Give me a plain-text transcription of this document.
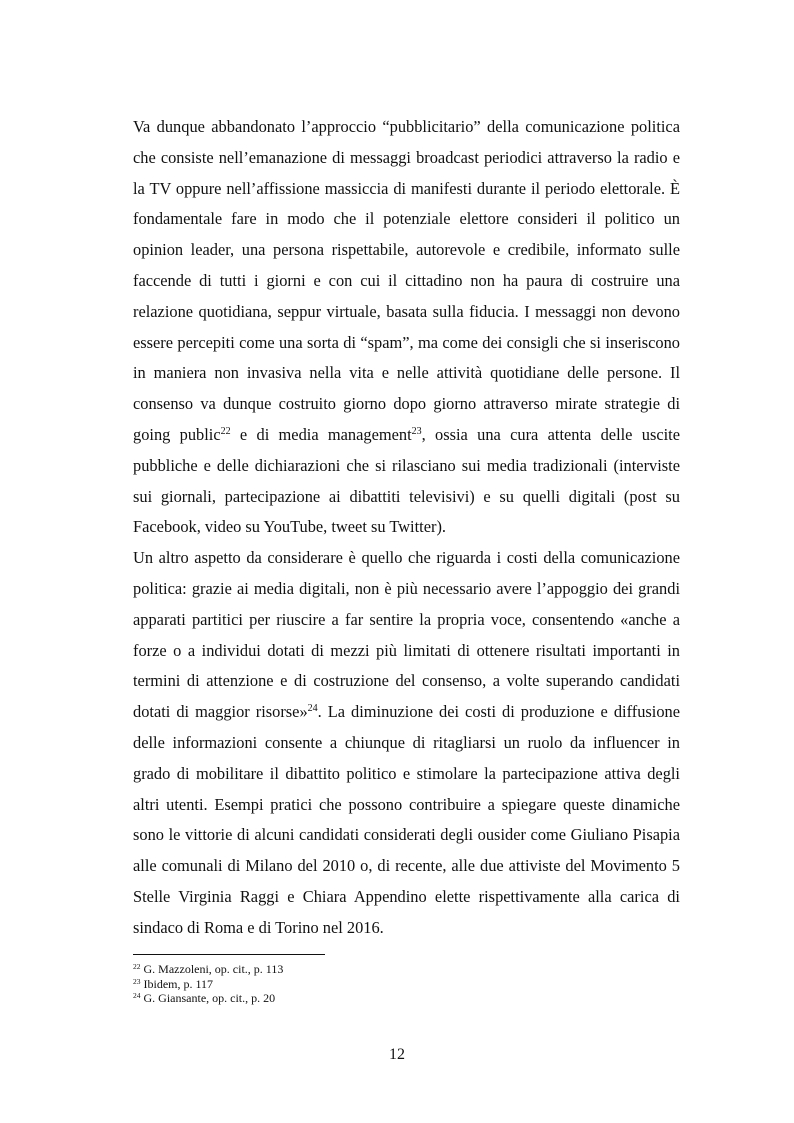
Va dunque abbandonato l’approccio “pubblicitario” della comunicazione politica che consiste nell’emanazione di messaggi broadcast periodici attraverso la radio e la TV oppure nell’affissione massiccia di manifesti durante il periodo elettorale. È fondamentale fare in modo che il potenziale elettore consideri il politico un opinion leader, una persona rispettabile, autorevole e credibile, informato sulle faccende di tutti i giorni e con cui il cittadino non ha paura di costruire una relazione quotidiana, seppur virtuale, basata sulla fiducia. I messaggi non devono essere percepiti come una sorta di “spam”, ma come dei consigli che si inseriscono in maniera non invasiva nella vita e nelle attività quotidiane delle persone. Il consenso va dunque costruito giorno dopo giorno attraverso mirate strategie di going public$^{22}$ e di media management$^{23}$, ossia una cura attenta delle uscite pubbliche e delle dichiarazioni che si rilasciano sui media tradizionali (interviste sui giornali, partecipazione ai dibattiti televisivi) e su quelli digitali (post su Facebook, video su YouTube, tweet su Twitter).

Un altro aspetto da considerare è quello che riguarda i costi della comunicazione politica: grazie ai media digitali, non è più necessario avere l’appoggio dei grandi apparati partitici per riuscire a far sentire la propria voce, consentendo «anche a forze o a individui dotati di mezzi più limitati di ottenere risultati importanti in termini di attenzione e di costruzione del consenso, a volte superando candidati dotati di maggior risorse»$^{24}$. La diminuzione dei costi di produzione e diffusione delle informazioni consente a chiunque di ritagliarsi un ruolo da influencer in grado di mobilitare il dibattito politico e stimolare la partecipazione attiva degli altri utenti. Esempi pratici che possono contribuire a spiegare queste dinamiche sono le vittorie di alcuni candidati considerati degli ousider come Giuliano Pisapia alle comunali di Milano del 2010 o, di recente, alle due attiviste del Movimento 5 Stelle Virginia Raggi e Chiara Appendino elette rispettivamente alla carica di sindaco di Roma e di Torino nel 2016.

$^{22}$ G. Mazzoleni, op. cit., p. 113

$^{23}$ Ibidem, p. 117

$^{24}$ G. Giansante, op. cit., p. 20

12
